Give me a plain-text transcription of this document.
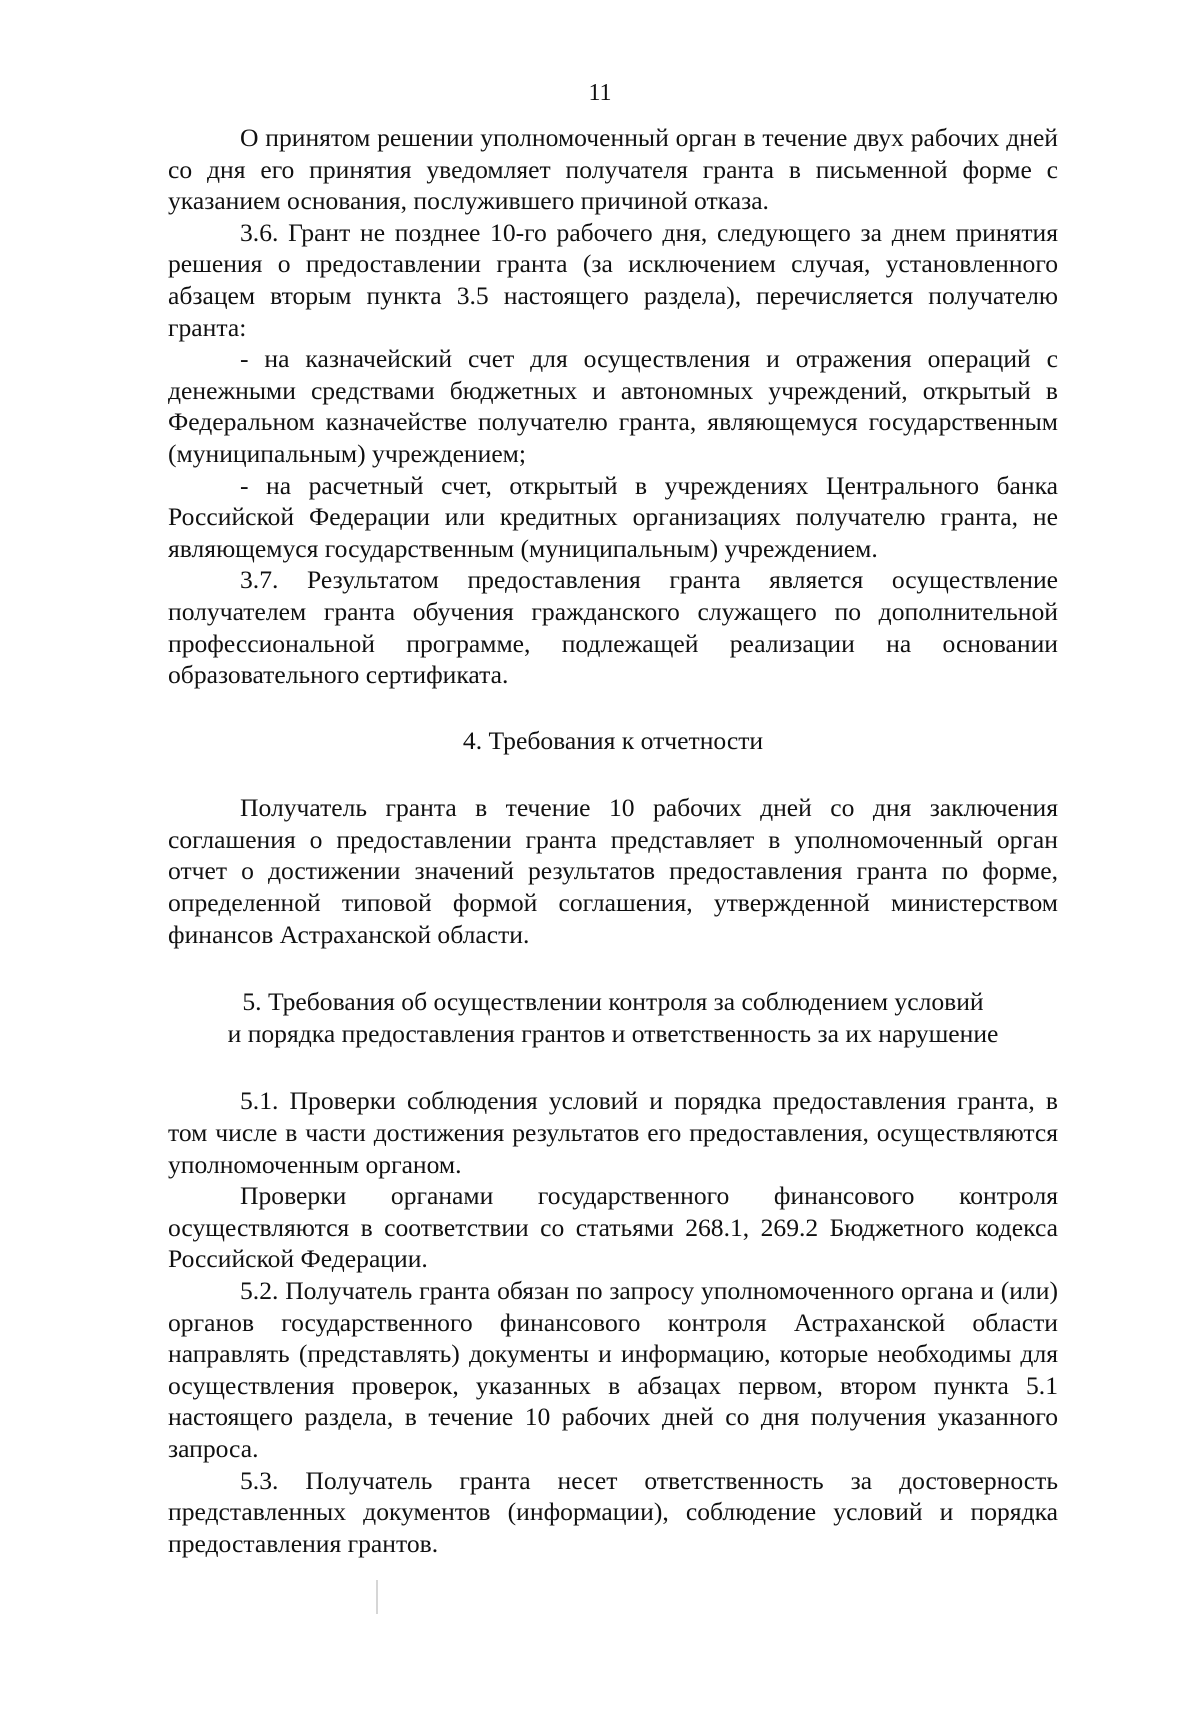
11

О принятом решении уполномоченный орган в течение двух рабочих дней со дня его принятия уведомляет получателя гранта в письменной форме с указанием основания, послужившего причиной отказа.

3.6. Грант не позднее 10-го рабочего дня, следующего за днем принятия решения о предоставлении гранта (за исключением случая, установленного абзацем вторым пункта 3.5 настоящего раздела), перечисляется получателю гранта:

- на казначейский счет для осуществления и отражения операций с денежными средствами бюджетных и автономных учреждений, открытый в Федеральном казначействе получателю гранта, являющемуся государственным (муниципальным) учреждением;

- на расчетный счет, открытый в учреждениях Центрального банка Российской Федерации или кредитных организациях получателю гранта, не являющемуся государственным (муниципальным) учреждением.

3.7. Результатом предоставления гранта является осуществление получателем гранта обучения гражданского служащего по дополнительной профессиональной программе, подлежащей реализации на основании образовательного сертификата.

4. Требования к отчетности

Получатель гранта в течение 10 рабочих дней со дня заключения соглашения о предоставлении гранта представляет в уполномоченный орган отчет о достижении значений результатов предоставления гранта по форме, определенной типовой формой соглашения, утвержденной министерством финансов Астраханской области.

5. Требования об осуществлении контроля за соблюдением условий
и порядка предоставления грантов и ответственность за их нарушение

5.1. Проверки соблюдения условий и порядка предоставления гранта, в том числе в части достижения результатов его предоставления, осуществляются уполномоченным органом.

Проверки органами государственного финансового контроля осуществляются в соответствии со статьями 268.1, 269.2 Бюджетного кодекса Российской Федерации.

5.2. Получатель гранта обязан по запросу уполномоченного органа и (или) органов государственного финансового контроля Астраханской области направлять (представлять) документы и информацию, которые необходимы для осуществления проверок, указанных в абзацах первом, втором пункта 5.1 настоящего раздела, в течение 10 рабочих дней со дня получения указанного запроса.

5.3. Получатель гранта несет ответственность за достоверность представленных документов (информации), соблюдение условий и порядка предоставления грантов.
